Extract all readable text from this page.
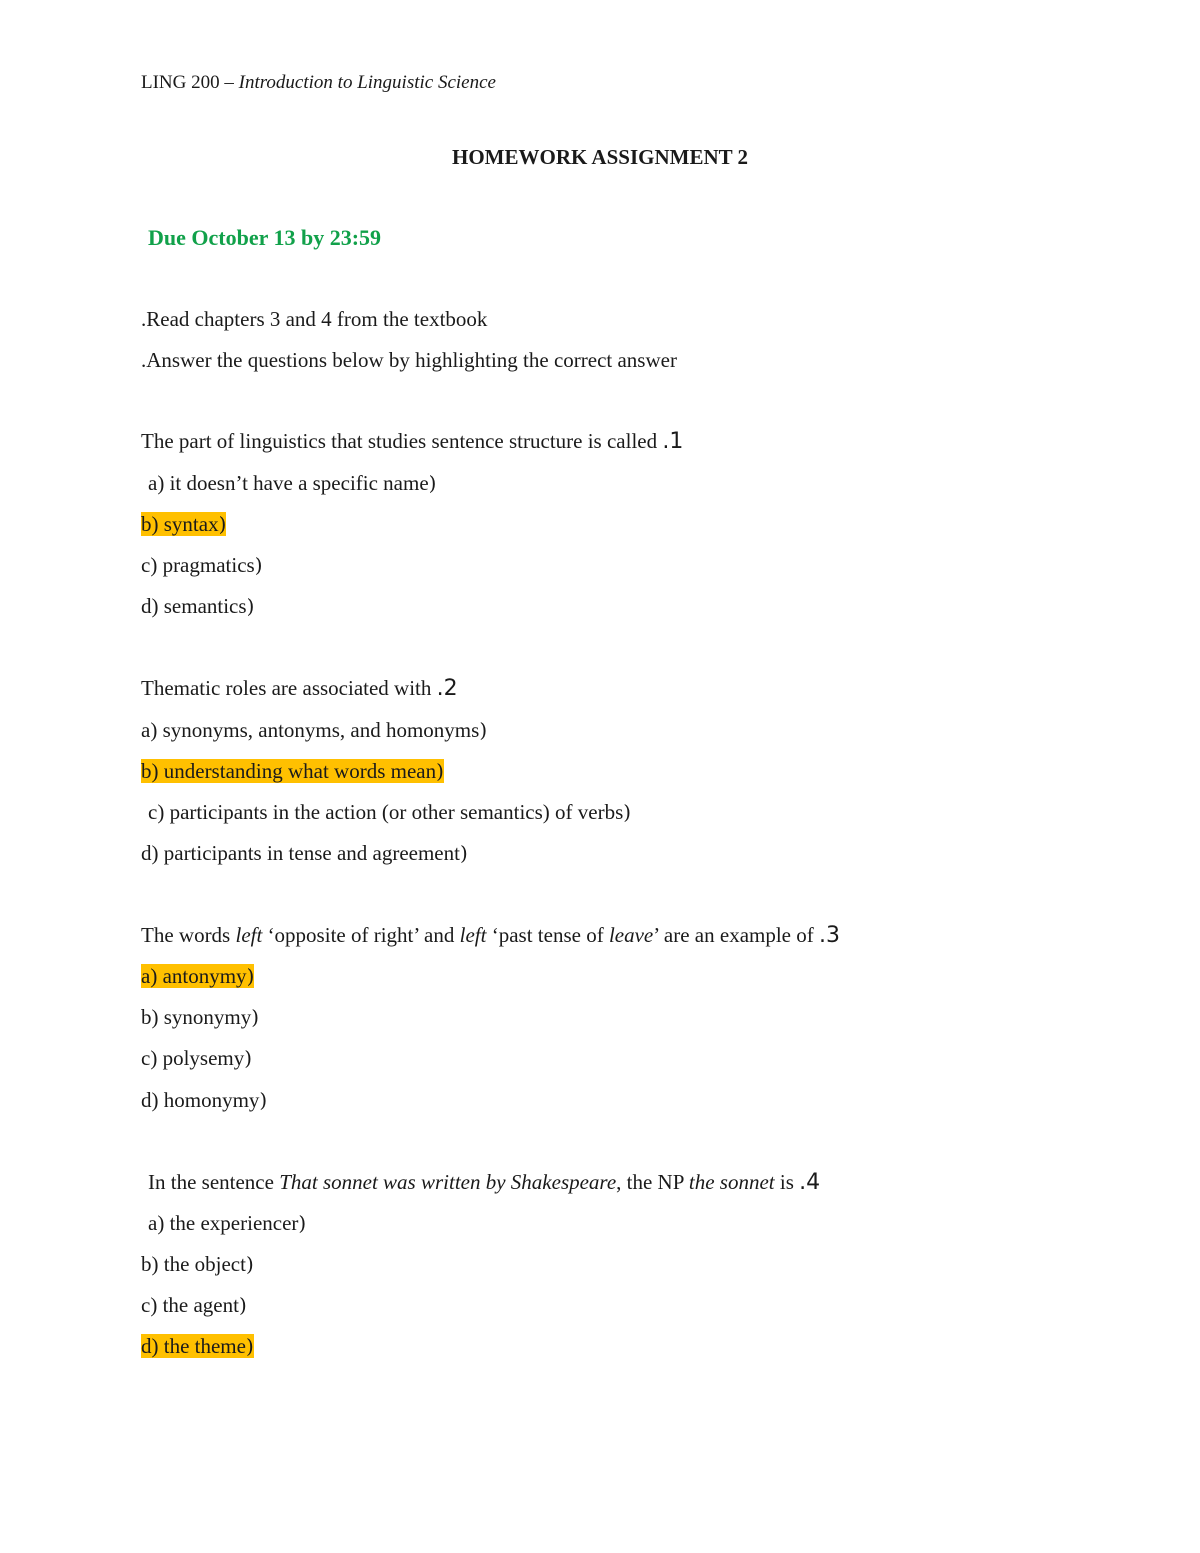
LING 200 – Introduction to Linguistic Science
HOMEWORK ASSIGNMENT 2
Due October 13 by 23:59
.Read chapters 3 and 4 from the textbook
.Answer the questions below by highlighting the correct answer
The part of linguistics that studies sentence structure is called .1
a) it doesn’t have a specific name)
b) syntax)
c) pragmatics)
d) semantics)
Thematic roles are associated with .2
a) synonyms, antonyms, and homonyms)
b) understanding what words mean)
c) participants in the action (or other semantics) of verbs)
d) participants in tense and agreement)
The words left ‘opposite of right’ and left ‘past tense of leave’ are an example of .3
a) antonymy)
b) synonymy)
c) polysemy)
d) homonymy)
In the sentence That sonnet was written by Shakespeare, the NP the sonnet is .4
a) the experiencer)
b) the object)
c) the agent)
d) the theme)
